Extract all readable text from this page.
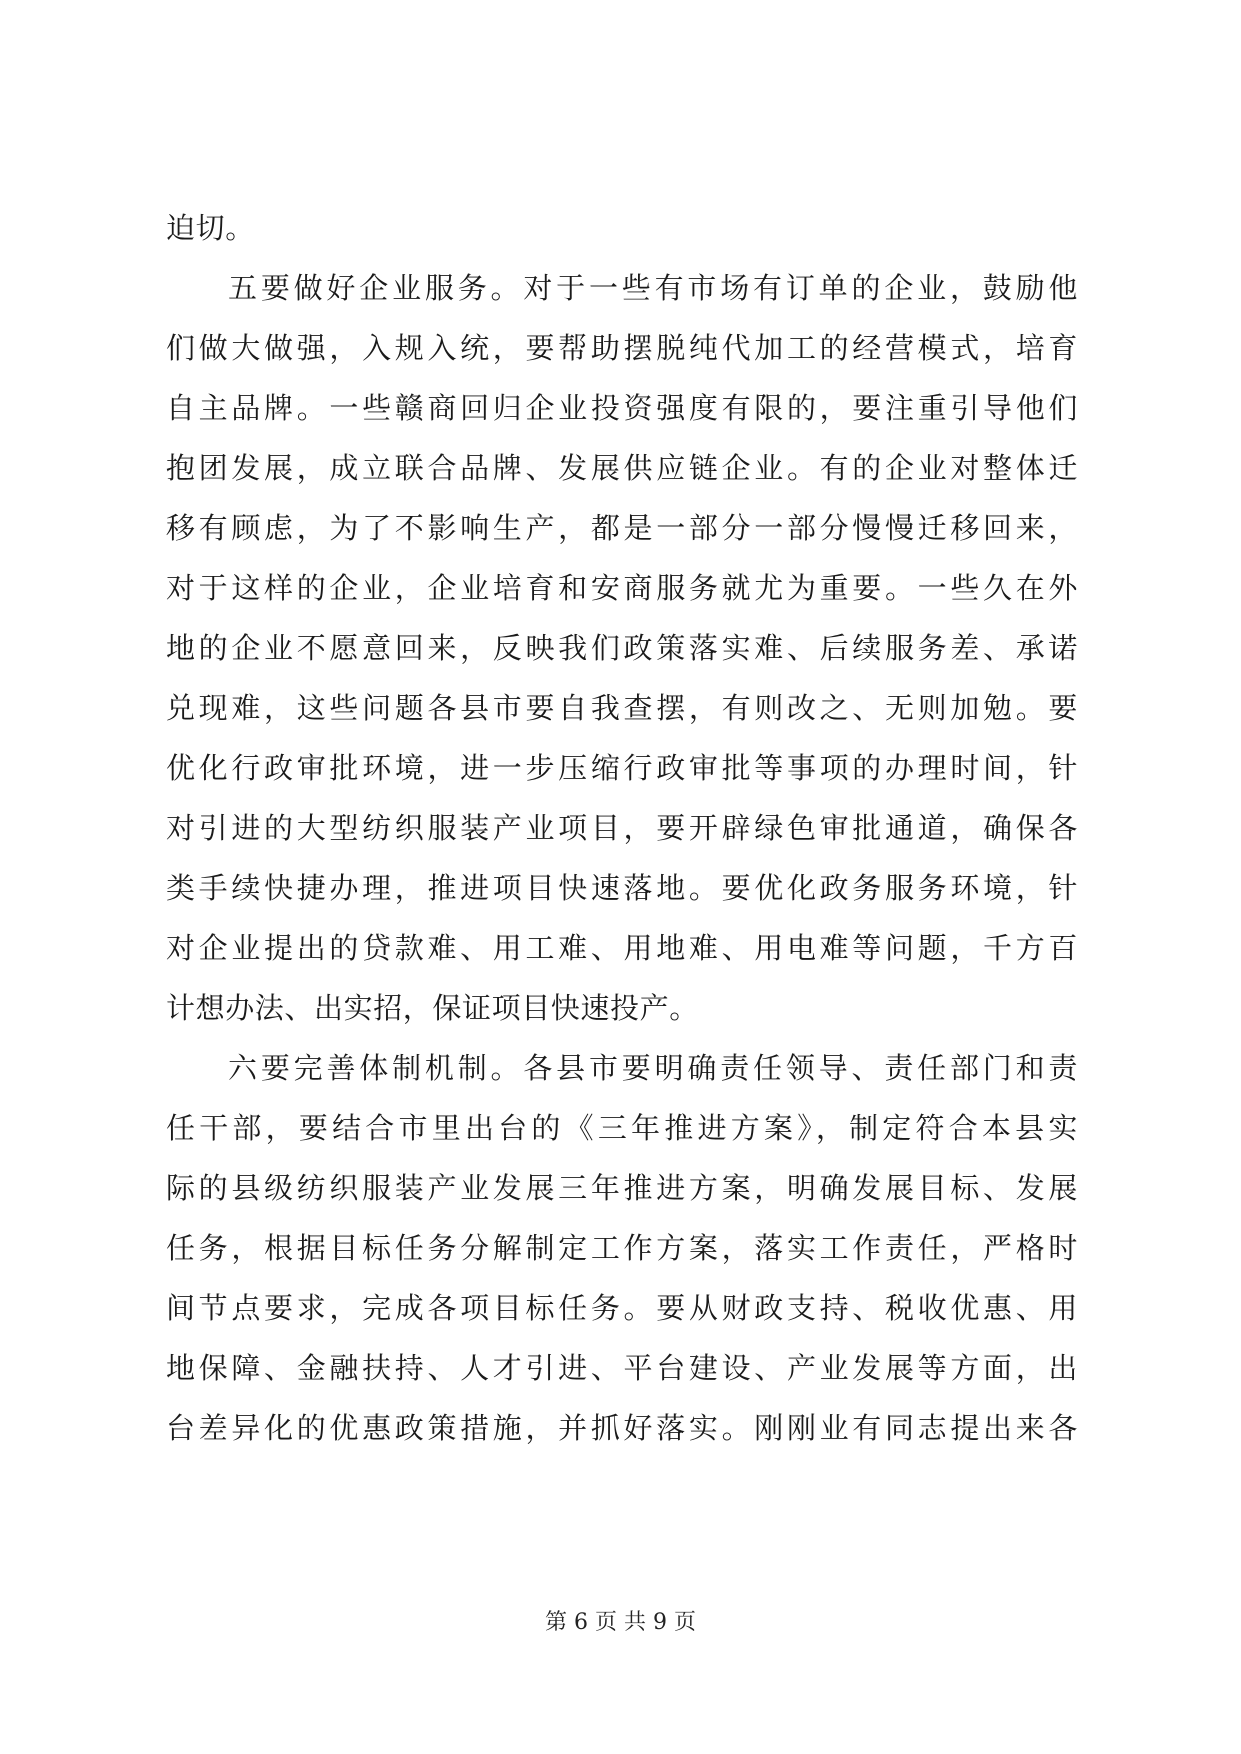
迫切。
五要做好企业服务。对于一些有市场有订单的企业，鼓励他
们做大做强，入规入统，要帮助摆脱纯代加工的经营模式，培育
自主品牌。一些赣商回归企业投资强度有限的，要注重引导他们
抱团发展，成立联合品牌、发展供应链企业。有的企业对整体迁
移有顾虑，为了不影响生产，都是一部分一部分慢慢迁移回来，
对于这样的企业，企业培育和安商服务就尤为重要。一些久在外
地的企业不愿意回来，反映我们政策落实难、后续服务差、承诺
兑现难，这些问题各县市要自我查摆，有则改之、无则加勉。要
优化行政审批环境，进一步压缩行政审批等事项的办理时间，针
对引进的大型纺织服装产业项目，要开辟绿色审批通道，确保各
类手续快捷办理，推进项目快速落地。要优化政务服务环境，针
对企业提出的贷款难、用工难、用地难、用电难等问题，千方百
计想办法、出实招，保证项目快速投产。
六要完善体制机制。各县市要明确责任领导、责任部门和责
任干部，要结合市里出台的《三年推进方案》，制定符合本县实
际的县级纺织服装产业发展三年推进方案，明确发展目标、发展
任务，根据目标任务分解制定工作方案，落实工作责任，严格时
间节点要求，完成各项目标任务。要从财政支持、税收优惠、用
地保障、金融扶持、人才引进、平台建设、产业发展等方面，出
台差异化的优惠政策措施，并抓好落实。刚刚业有同志提出来各
第 6 页 共 9 页
